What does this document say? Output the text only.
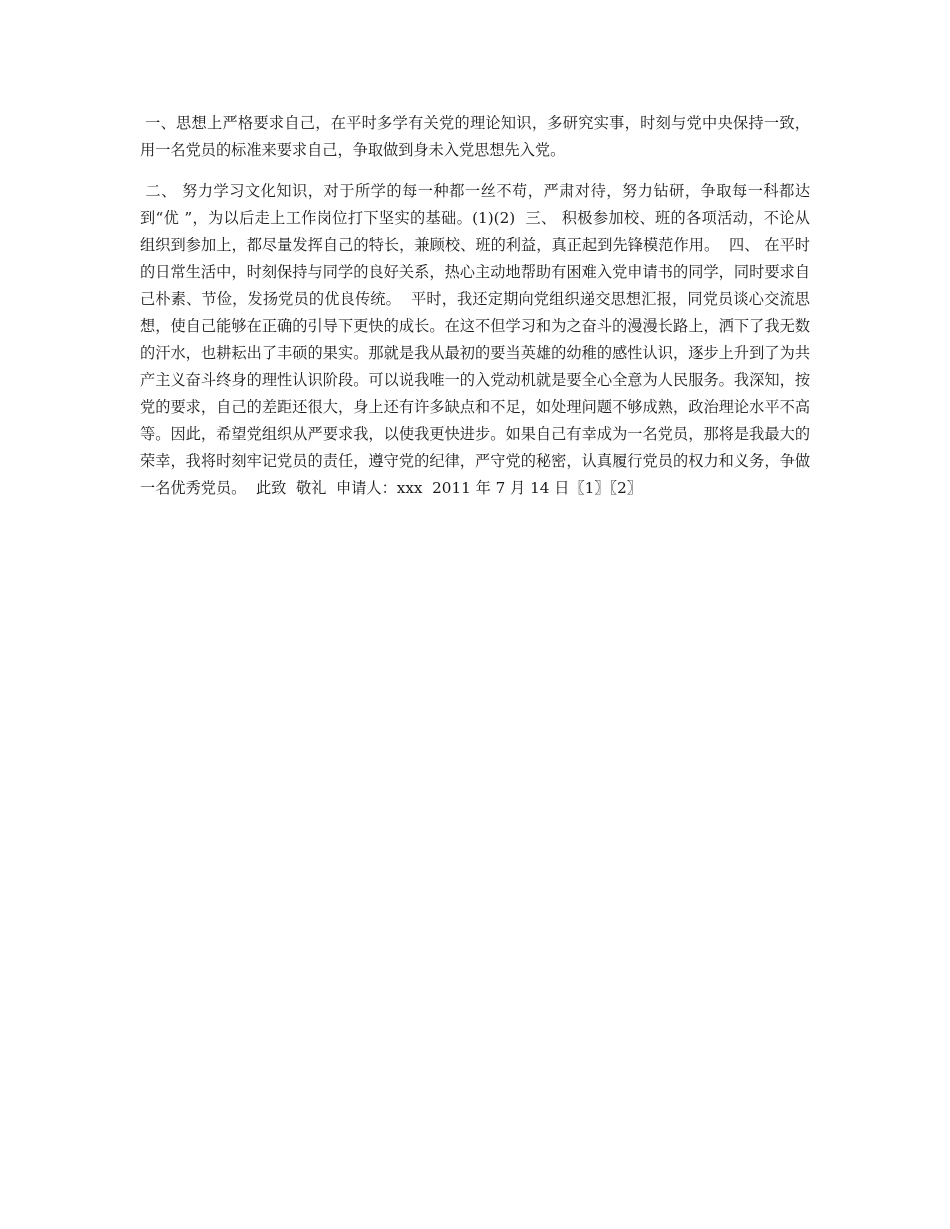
一、思想上严格要求自己，在平时多学有关党的理论知识，多研究实事，时刻与党中央保持一致，用一名党员的标准来要求自己，争取做到身未入党思想先入党。

二、 努力学习文化知识，对于所学的每一种都一丝不苟，严肃对待，努力钻研，争取每一科都达到“优 ”，为以后走上工作岗位打下坚实的基础。(1)(2)  三、 积极参加校、班的各项活动，不论从组织到参加上，都尽量发挥自己的特长，兼顾校、班的利益，真正起到先锋模范作用。  四、 在平时的日常生活中，时刻保持与同学的良好关系，热心主动地帮助有困难入党申请书的同学，同时要求自己朴素、节俭，发扬党员的优良传统。  平时，我还定期向党组织递交思想汇报，同党员谈心交流思想，使自己能够在正确的引导下更快的成长。在这不但学习和为之奋斗的漫漫长路上，洒下了我无数的汗水，也耕耘出了丰硕的果实。那就是我从最初的要当英雄的幼稚的感性认识，逐步上升到了为共产主义奋斗终身的理性认识阶段。可以说我唯一的入党动机就是要全心全意为人民服务。我深知，按党的要求，自己的差距还很大，身上还有许多缺点和不足，如处理问题不够成熟，政治理论水平不高等。因此，希望党组织从严要求我，以使我更快进步。如果自己有幸成为一名党员，那将是我最大的荣幸，我将时刻牢记党员的责任，遵守党的纪律，严守党的秘密，认真履行党员的权力和义务，争做一名优秀党员。  此致  敬礼  申请人：xxx  2011 年 7 月 14 日〖1〗〖2〗
